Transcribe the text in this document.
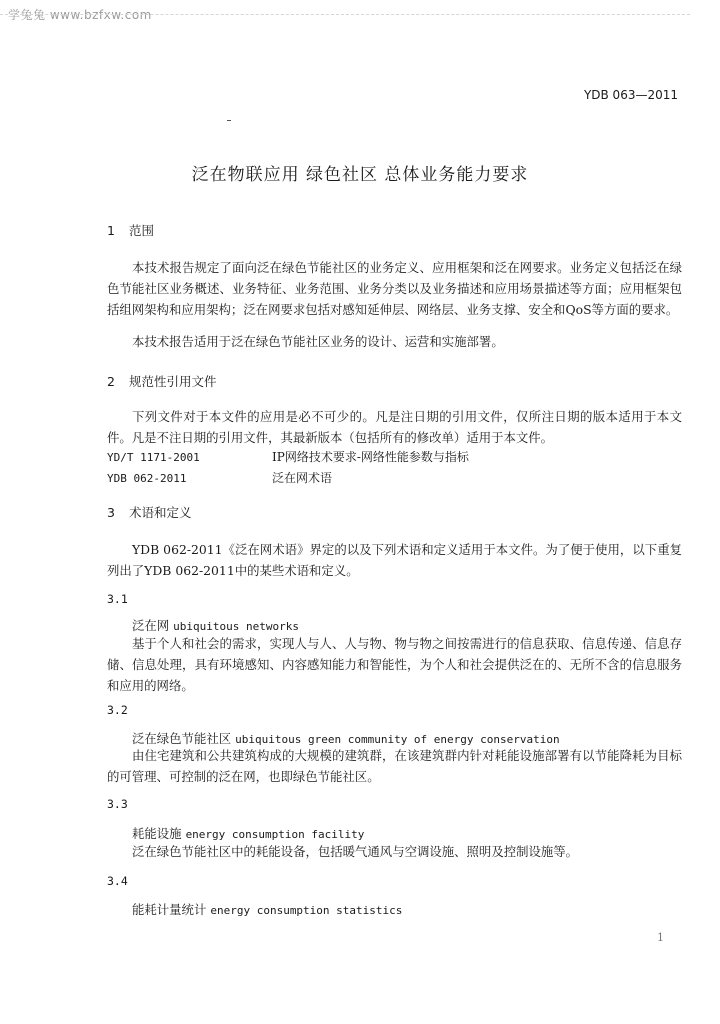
学兔兔 www.bzfxw.com
YDB 063—2011
泛在物联应用 绿色社区 总体业务能力要求
1 范围
本技术报告规定了面向泛在绿色节能社区的业务定义、应用框架和泛在网要求。业务定义包括泛在绿色节能社区业务概述、业务特征、业务范围、业务分类以及业务描述和应用场景描述等方面；应用框架包括组网架构和应用架构；泛在网要求包括对感知延伸层、网络层、业务支撑、安全和QoS等方面的要求。
本技术报告适用于泛在绿色节能社区业务的设计、运营和实施部署。
2 规范性引用文件
下列文件对于本文件的应用是必不可少的。凡是注日期的引用文件，仅所注日期的版本适用于本文件。凡是不注日期的引用文件，其最新版本（包括所有的修改单）适用于本文件。
YD/T 1171-2001	IP网络技术要求-网络性能参数与指标
YDB 062-2011	泛在网术语
3 术语和定义
YDB 062-2011《泛在网术语》界定的以及下列术语和定义适用于本文件。为了便于使用，以下重复列出了YDB 062-2011中的某些术语和定义。
3.1
泛在网 ubiquitous networks
基于个人和社会的需求，实现人与人、人与物、物与物之间按需进行的信息获取、信息传递、信息存储、信息处理，具有环境感知、内容感知能力和智能性，为个人和社会提供泛在的、无所不含的信息服务和应用的网络。
3.2
泛在绿色节能社区 ubiquitous green community of energy conservation
由住宅建筑和公共建筑构成的大规模的建筑群，在该建筑群内针对耗能设施部署有以节能降耗为目标的可管理、可控制的泛在网，也即绿色节能社区。
3.3
耗能设施 energy consumption facility
泛在绿色节能社区中的耗能设备，包括暖气通风与空调设施、照明及控制设施等。
3.4
能耗计量统计 energy consumption statistics
1
